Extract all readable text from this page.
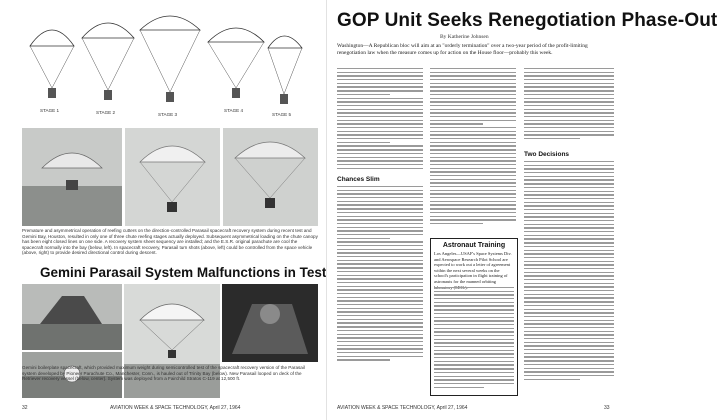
STAGE 1	STAGE 2	STAGE 3
STAGE 4
STAGE 5
Premature and asymmetrical operation of reefing cutters on the direction-controlled Parasail spacecraft recovery system during recent test and Gemini Bay, Houston, resulted in only one of three chute reefing stages actually deployed. Subsequent asymmetrical loading on the chute canopy has been eight closed lines on one side. A recovery system sheet sequency are installed; and the E.S.R. original parachute are cool the spacecraft normally into the bay (below, left). In spacecraft recovery, Parasail turn shots (above, left) could be controlled from the space vehicle (above, right) to provide desired directional control during descent.
Gemini Parasail System Malfunctions in Test
Gemini boilerplate spacecraft, which provided maximum weight during semicontrolled test of the spacecraft recovery version of the Parasail system developed by Pioneer Parachute Co., Manchester, Conn., is hauled out of Trinity Bay (below). New Parasail looped on deck of the Retriever recovery vessel (below, center). System was deployed from a Fairchild Stratos C-119 at 12,500 ft.
32	AVIATION WEEK & SPACE TECHNOLOGY, April 27, 1964
GOP Unit Seeks Renegotiation Phase-Out
By Katherine Johnsen
Washington—A Republican bloc will aim at an "orderly termination" over a two-year period of the profit-limiting renegotiation law when the measure comes up for action on the House floor—probably this week.
Chances Slim
Astronaut Training
Los Angeles—USAF's Space Systems Div. and Aerospace Research Pilot School are expected to work out a letter of agreement within the next several weeks on the school's participation in flight training of astronauts for the manned orbiting
Two Decisions
AVIATION WEEK & SPACE TECHNOLOGY, April 27, 1964	33
